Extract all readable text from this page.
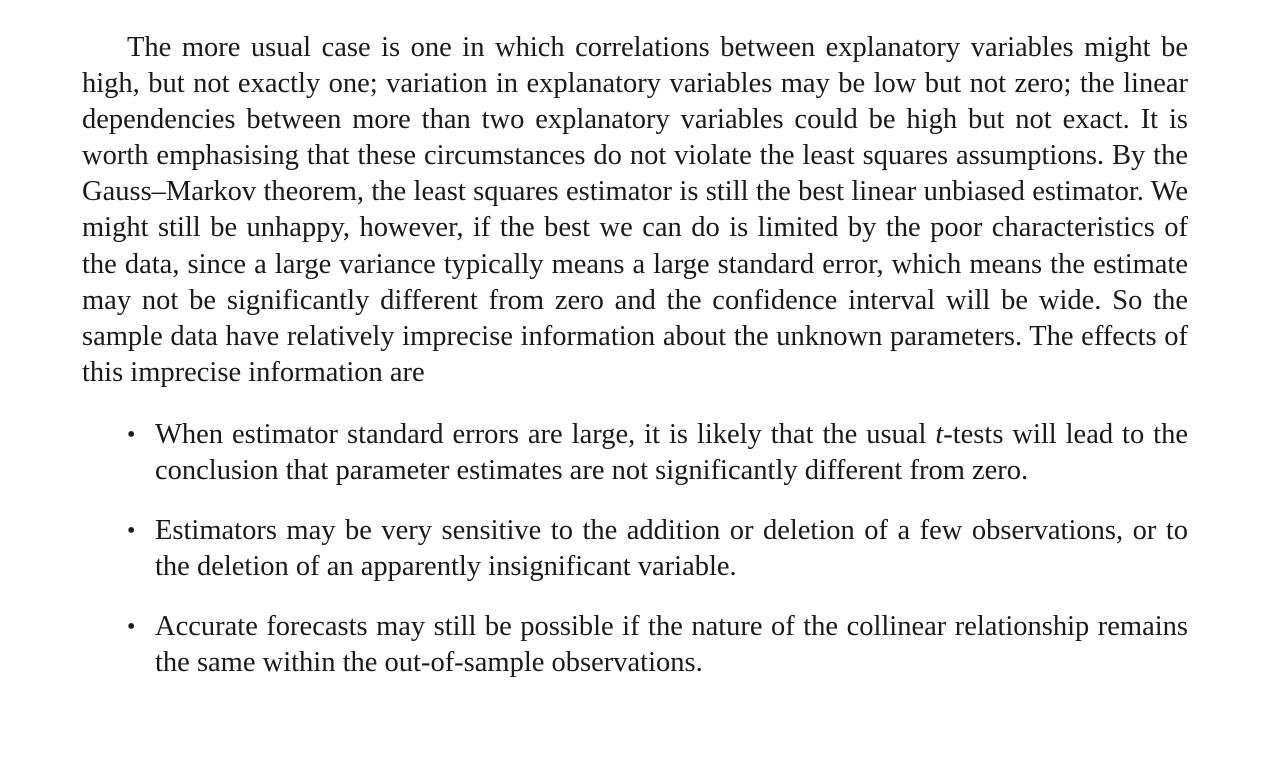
The more usual case is one in which correlations between explanatory variables might be high, but not exactly one; variation in explanatory variables may be low but not zero; the linear dependencies between more than two explanatory variables could be high but not exact. It is worth emphasising that these circumstances do not violate the least squares assumptions. By the Gauss–Markov theorem, the least squares estimator is still the best linear unbiased estimator. We might still be unhappy, however, if the best we can do is limited by the poor characteristics of the data, since a large variance typically means a large standard error, which means the estimate may not be significantly different from zero and the confidence interval will be wide. So the sample data have relatively imprecise information about the unknown parameters. The effects of this imprecise information are

• When estimator standard errors are large, it is likely that the usual t-tests will lead to the conclusion that parameter estimates are not significantly different from zero.
• Estimators may be very sensitive to the addition or deletion of a few observations, or to the deletion of an apparently insignificant variable.
• Accurate forecasts may still be possible if the nature of the collinear relationship remains the same within the out-of-sample observations.
